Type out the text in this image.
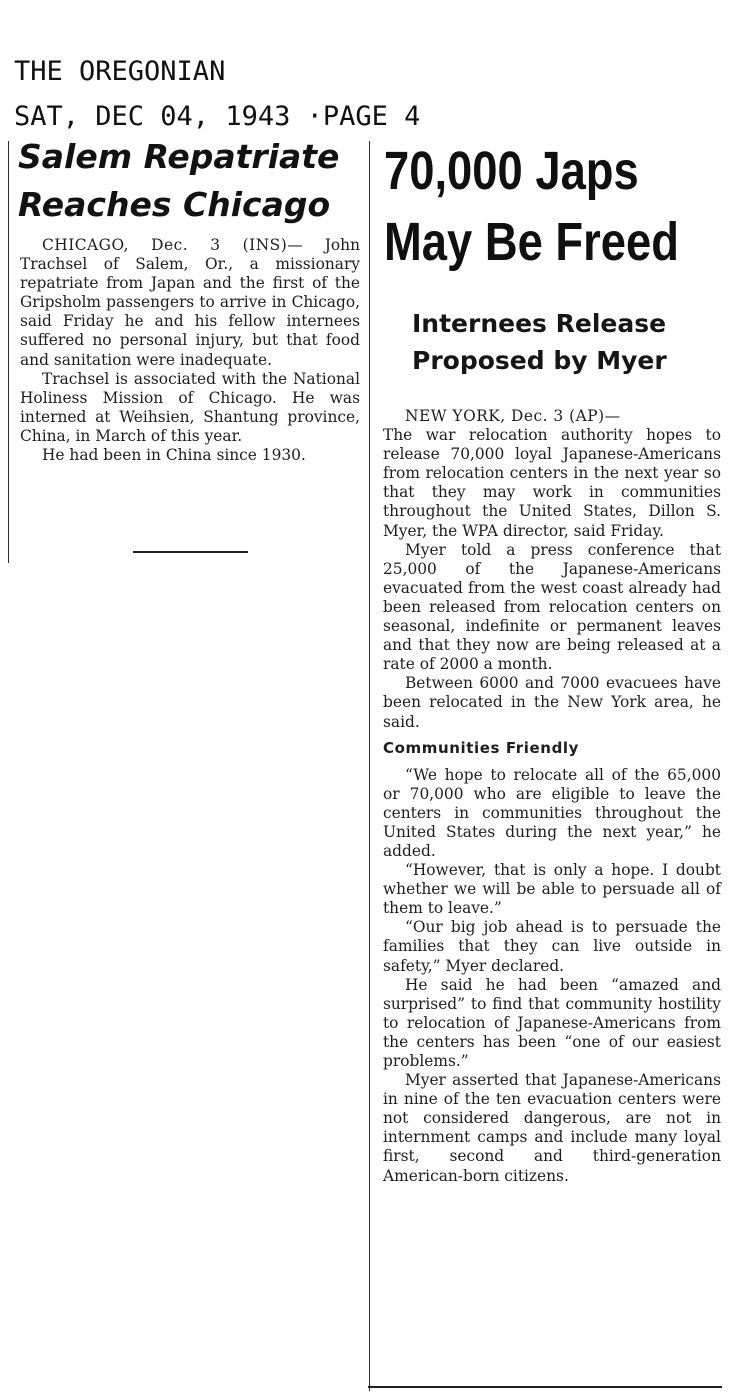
THE OREGONIAN
SAT, DEC 04, 1943 ·PAGE 4
Salem Repatriate
Reaches Chicago

CHICAGO, Dec. 3 (INS)— John Trachsel of Salem, Or., a missionary repatriate from Japan and the first of the Gripsholm passengers to arrive in Chicago, said Friday he and his fellow internees suffered no personal injury, but that food and sanitation were inadequate.

Trachsel is associated with the National Holiness Mission of Chicago. He was interned at Weihsien, Shantung province, China, in March of this year.

He had been in China since 1930.

70,000 Japs
May Be Freed
Internees Release
Proposed by Myer

NEW YORK, Dec. 3 (AP)—

The war relocation authority hopes to release 70,000 loyal Japanese-Americans from relocation centers in the next year so that they may work in communities throughout the United States, Dillon S. Myer, the WPA director, said Friday.

Myer told a press conference that 25,000 of the Japanese-Americans evacuated from the west coast already had been released from relocation centers on seasonal, indefinite or permanent leaves and that they now are being released at a rate of 2000 a month.

Between 6000 and 7000 evacuees have been relocated in the New York area, he said.

Communities Friendly

“We hope to relocate all of the 65,000 or 70,000 who are eligible to leave the centers in communities throughout the United States during the next year,” he added.

“However, that is only a hope. I doubt whether we will be able to persuade all of them to leave.”

“Our big job ahead is to persuade the families that they can live outside in safety,” Myer declared.

He said he had been “amazed and surprised” to find that community hostility to relocation of Japanese-Americans from the centers has been “one of our easiest problems.”

Myer asserted that Japanese-Americans in nine of the ten evacuation centers were not considered dangerous, are not in internment camps and include many loyal first, second and third-generation American-born citizens.
